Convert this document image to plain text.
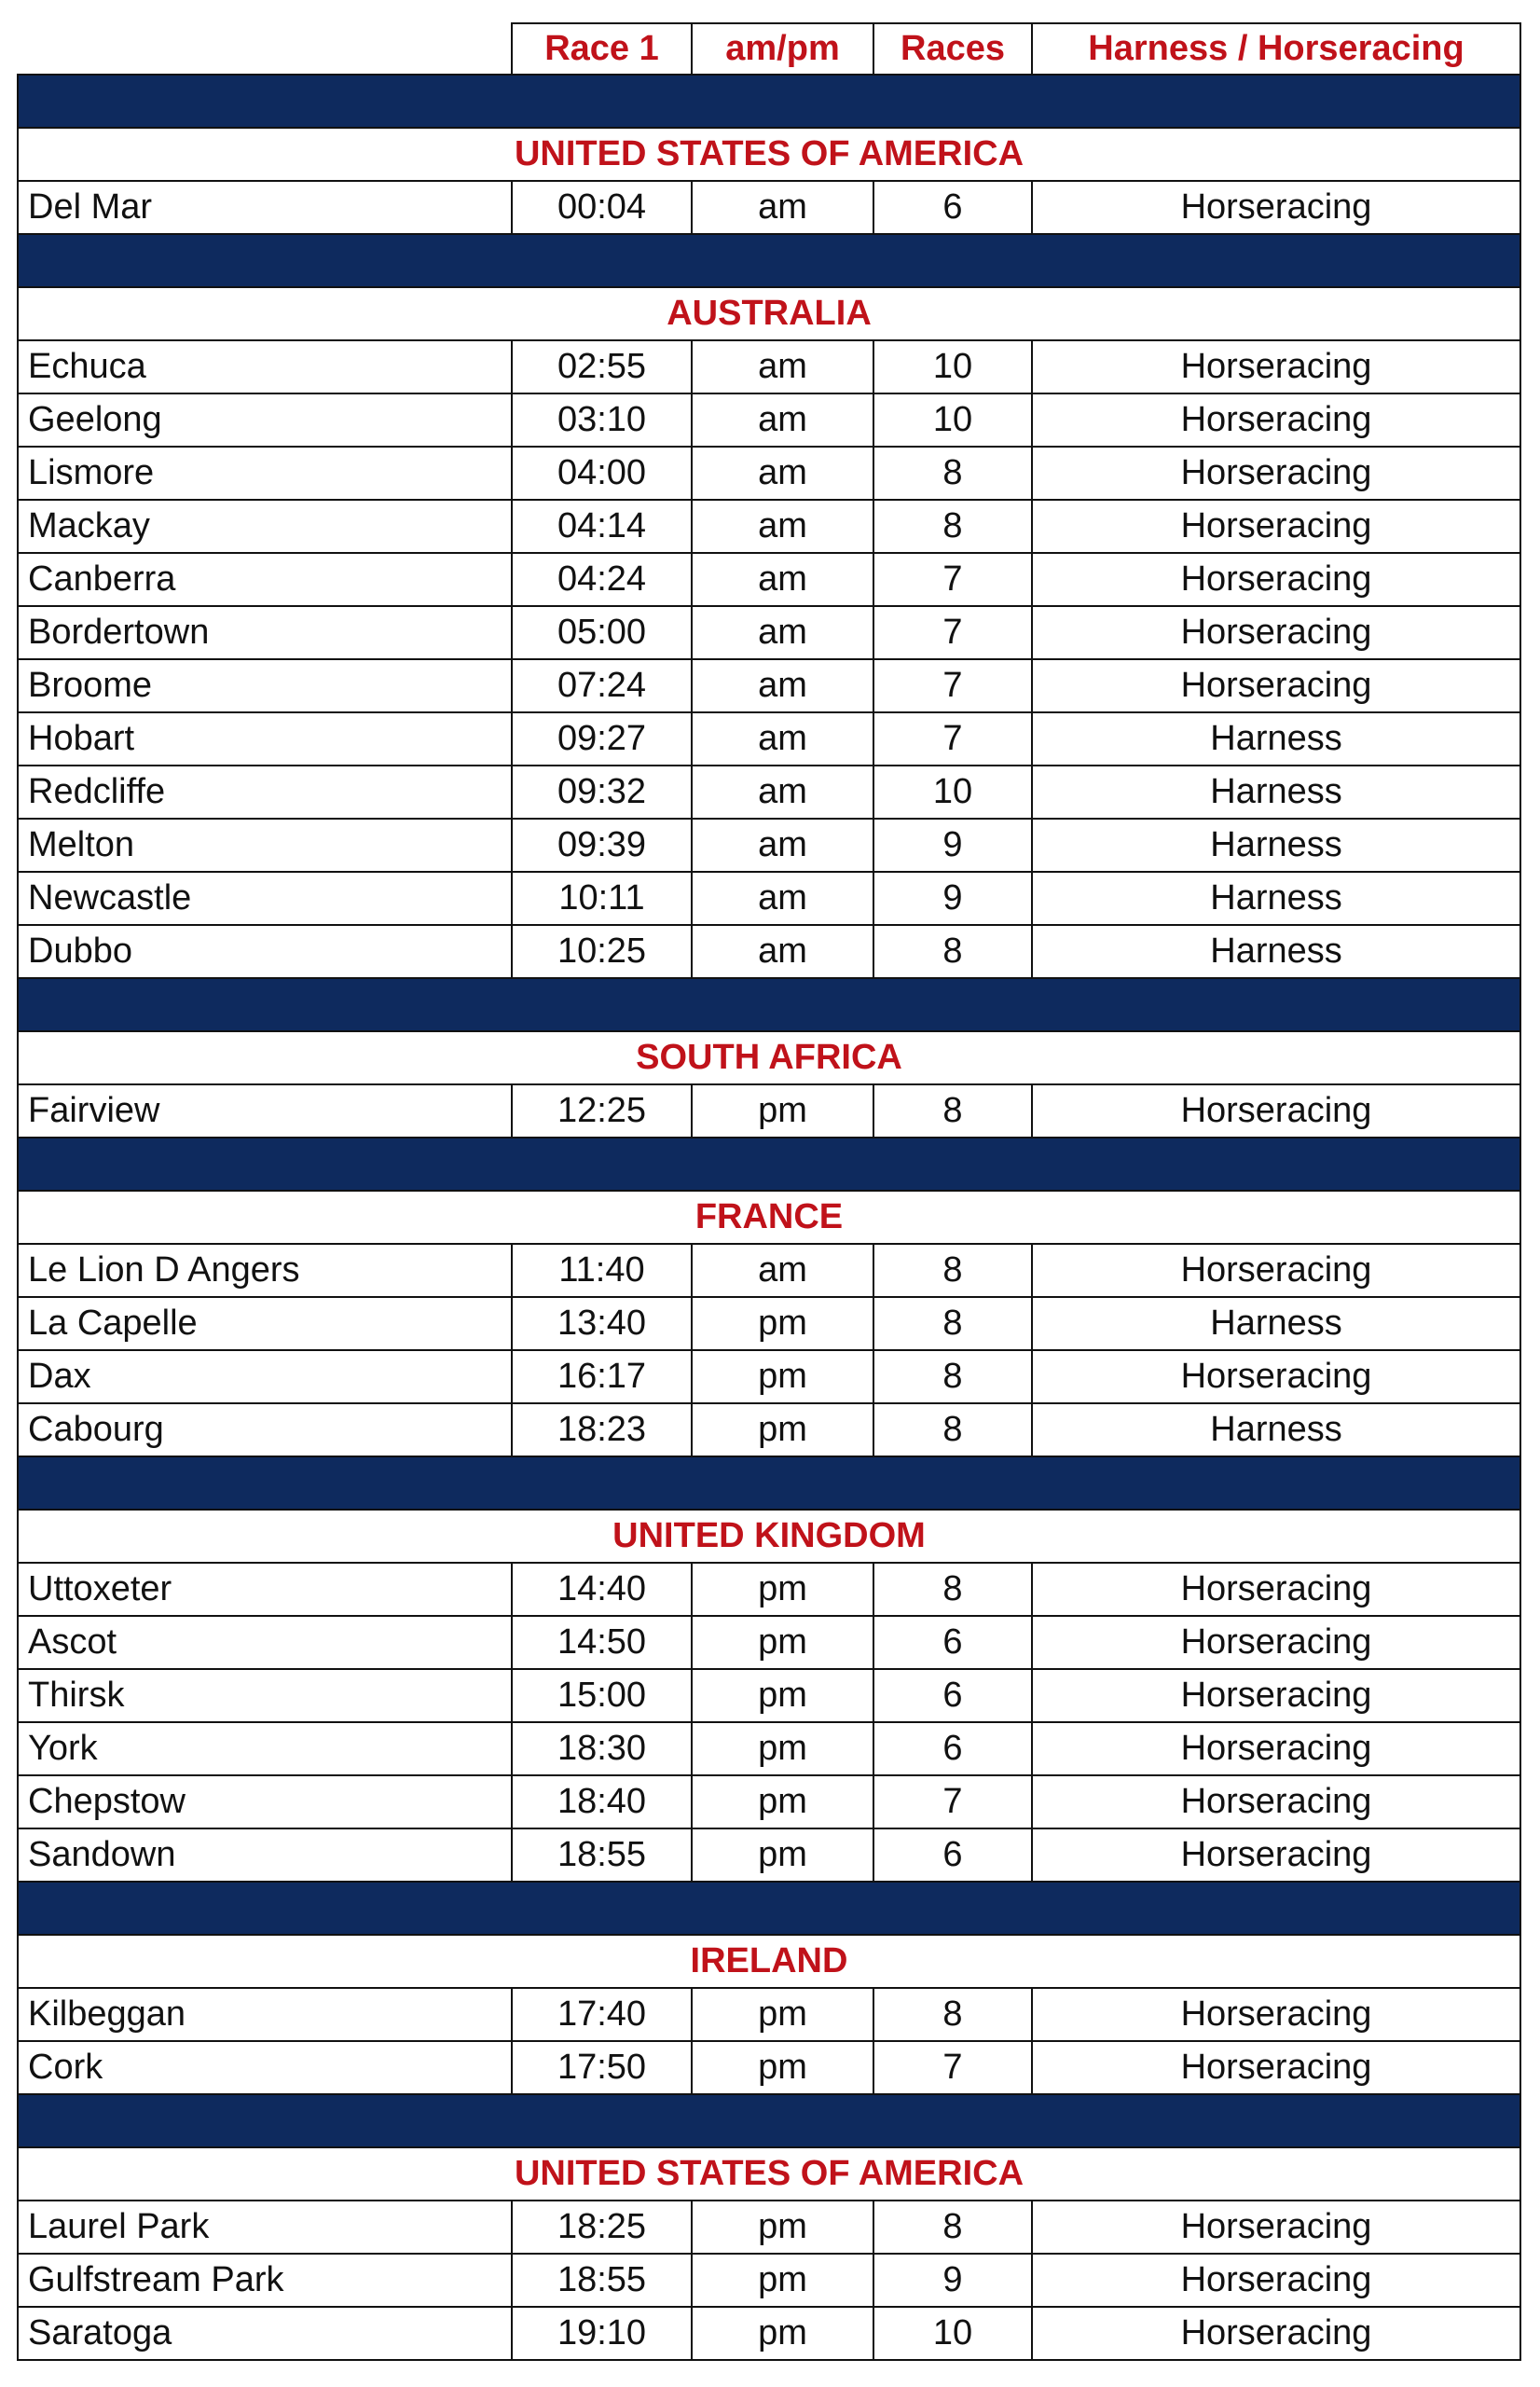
Race 1	am/pm	Races	Harness / Horseracing
UNITED STATES OF AMERICA
Del Mar	00:04	am	6	Horseracing
AUSTRALIA
Echuca	02:55	am	10	Horseracing
Geelong	03:10	am	10	Horseracing
Lismore	04:00	am	8	Horseracing
Mackay	04:14	am	8	Horseracing
Canberra	04:24	am	7	Horseracing
Bordertown	05:00	am	7	Horseracing
Broome	07:24	am	7	Horseracing
Hobart	09:27	am	7	Harness
Redcliffe	09:32	am	10	Harness
Melton	09:39	am	9	Harness
Newcastle	10:11	am	9	Harness
Dubbo	10:25	am	8	Harness
SOUTH AFRICA
Fairview	12:25	pm	8	Horseracing
FRANCE
Le Lion D Angers	11:40	am	8	Horseracing
La Capelle	13:40	pm	8	Harness
Dax	16:17	pm	8	Horseracing
Cabourg	18:23	pm	8	Harness
UNITED KINGDOM
Uttoxeter	14:40	pm	8	Horseracing
Ascot	14:50	pm	6	Horseracing
Thirsk	15:00	pm	6	Horseracing
York	18:30	pm	6	Horseracing
Chepstow	18:40	pm	7	Horseracing
Sandown	18:55	pm	6	Horseracing
IRELAND
Kilbeggan	17:40	pm	8	Horseracing
Cork	17:50	pm	7	Horseracing
UNITED STATES OF AMERICA
Laurel Park	18:25	pm	8	Horseracing
Gulfstream Park	18:55	pm	9	Horseracing
Saratoga	19:10	pm	10	Horseracing
